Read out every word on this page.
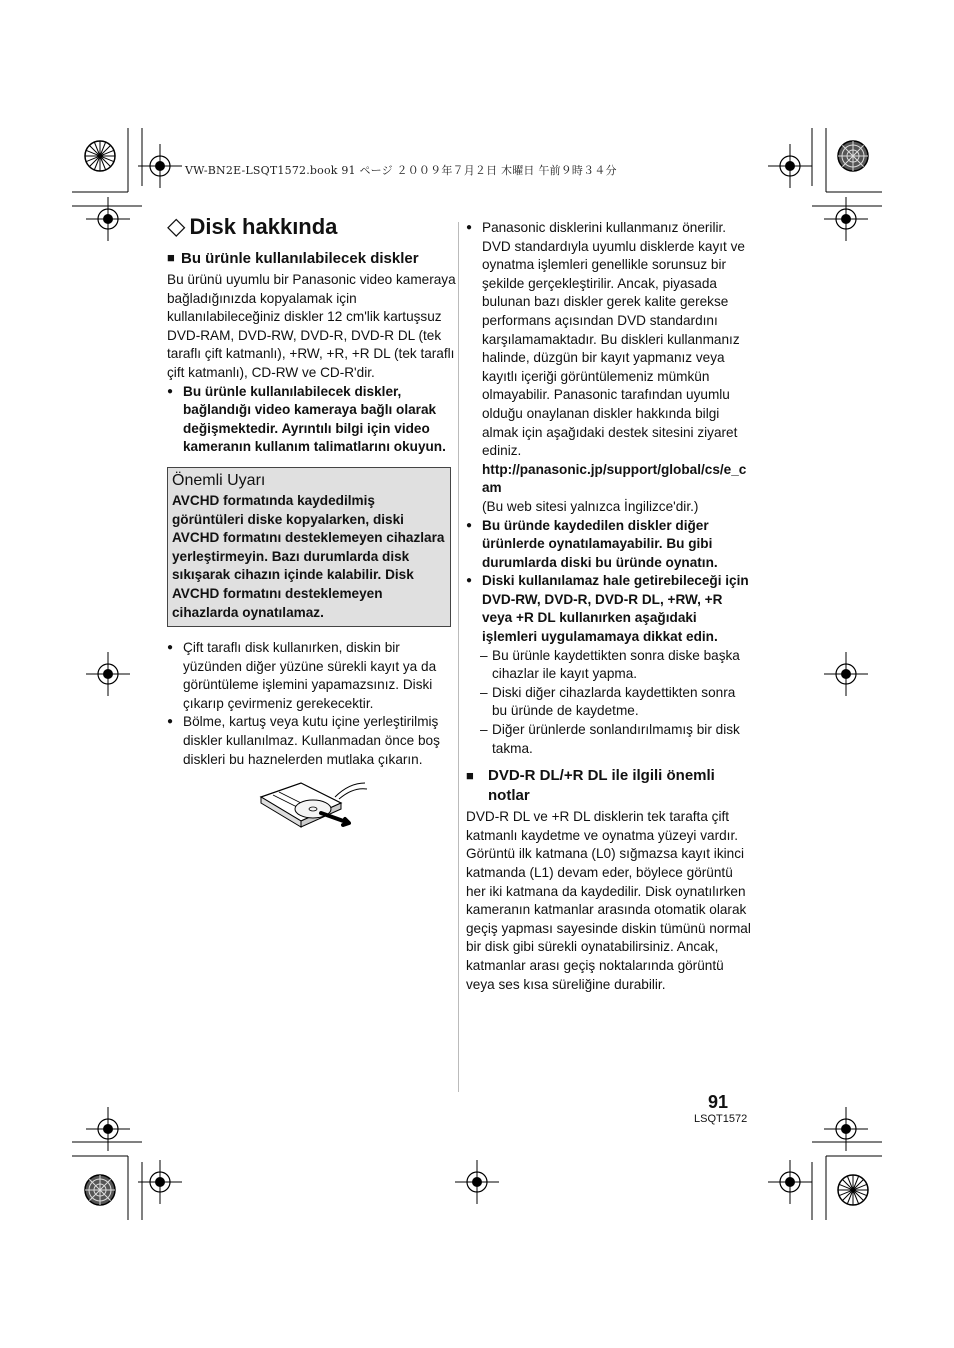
VW-BN2E-LSQT1572.book 91 ページ ２００９年７月２日 木曜日 午前９時３４分
◇ Disk hakkında
■ Bu ürünle kullanılabilecek diskler

Bu ürünü uyumlu bir Panasonic video kameraya bağladığınızda kopyalamak için kullanılabileceğiniz diskler 12 cm'lik kartuşsuz DVD-RAM, DVD-RW, DVD-R, DVD-R DL (tek taraflı çift katmanlı), +RW, +R, +R DL (tek taraflı çift katmanlı), CD-RW ve CD-R'dir.

● Bu ürünle kullanılabilecek diskler, bağlandığı video kameraya bağlı olarak değişmektedir. Ayrıntılı bilgi için video kameranın kullanım talimatlarını okuyun.
Önemli Uyarı

AVCHD formatında kaydedilmiş görüntüleri diske kopyalarken, diski AVCHD formatını desteklemeyen cihazlara yerleştirmeyin. Bazı durumlarda disk sıkışarak cihazın içinde kalabilir. Disk AVCHD formatını desteklemeyen cihazlarda oynatılamaz.

● Çift taraflı disk kullanırken, diskin bir yüzünden diğer yüzüne sürekli kayıt ya da görüntüleme işlemini yapamazsınız. Diski çıkarıp çevirmeniz gerekecektir.
● Bölme, kartuş veya kutu içine yerleştirilmiş diskler kullanılmaz. Kullanmadan önce boş diskleri bu haznelerden mutlaka çıkarın.
● Panasonic disklerini kullanmanız önerilir. DVD standardıyla uyumlu disklerde kayıt ve oynatma işlemleri genellikle sorunsuz bir şekilde gerçekleştirilir. Ancak, piyasada bulunan bazı diskler gerek kalite gerekse performans açısından DVD standardını karşılamamaktadır. Bu diskleri kullanmanız halinde, düzgün bir kayıt yapmanız veya kayıtlı içeriği görüntülemeniz mümkün olmayabilir. Panasonic tarafından uyumlu olduğu onaylanan diskler hakkında bilgi almak için aşağıdaki destek sitesini ziyaret ediniz.
http://panasonic.jp/support/global/cs/e_cam
(Bu web sitesi yalnızca İngilizce'dir.)
● Bu üründe kaydedilen diskler diğer ürünlerde oynatılamayabilir. Bu gibi durumlarda diski bu üründe oynatın.
● Diski kullanılamaz hale getirebileceği için DVD-RW, DVD-R, DVD-R DL, +RW, +R veya +R DL kullanırken aşağıdaki işlemleri uygulamamaya dikkat edin.
– Bu ürünle kaydettikten sonra diske başka cihazlar ile kayıt yapma.
– Diski diğer cihazlarda kaydettikten sonra bu üründe de kaydetme.
– Diğer ürünlerde sonlandırılmamış bir disk takma.
■ DVD-R DL/+R DL ile ilgili önemli notlar

DVD-R DL ve +R DL disklerin tek tarafta çift katmanlı kaydetme ve oynatma yüzeyi vardır. Görüntü ilk katmana (L0) sığmazsa kayıt ikinci katmanda (L1) devam eder, böylece görüntü her iki katmana da kaydedilir. Disk oynatılırken kameranın katmanlar arasında otomatik olarak geçiş yapması sayesinde diskin tümünü normal bir disk gibi sürekli oynatabilirsiniz. Ancak, katmanlar arası geçiş noktalarında görüntü veya ses kısa süreliğine durabilir.

91
LSQT1572
